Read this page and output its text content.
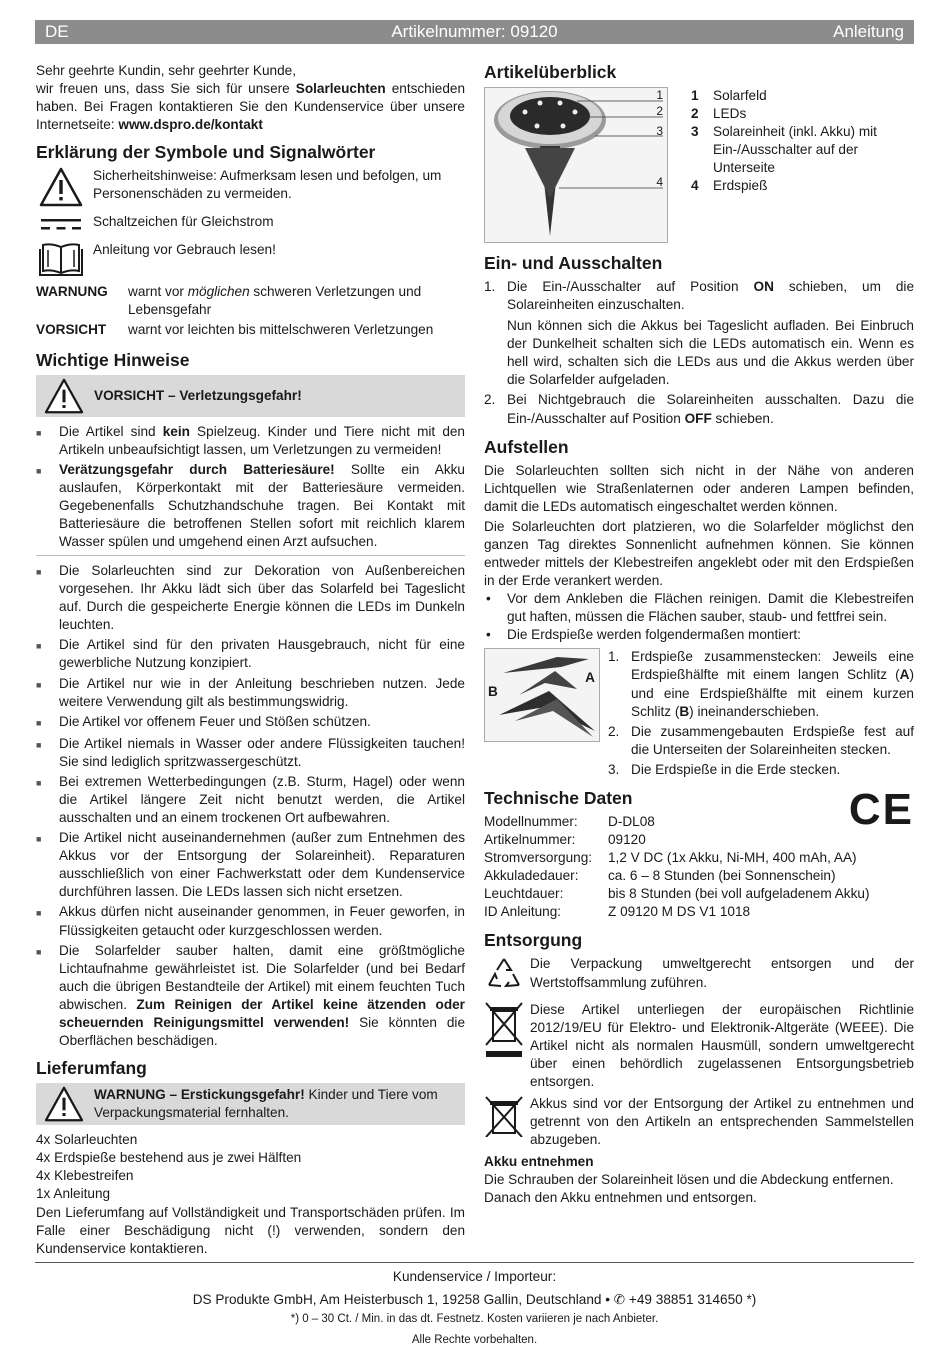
DE	Artikelnummer: 09120	Anleitung

Sehr geehrte Kundin, sehr geehrter Kunde,

wir freuen uns, dass Sie sich für unsere Solarleuchten entschieden haben. Bei Fragen kontaktieren Sie den Kundenservice über unsere Internetseite: www.dspro.de/kontakt

Erklärung der Symbole und Signalwörter
Sicherheitshinweise: Aufmerksam lesen und befolgen, um Personenschäden zu vermeiden.
Schaltzeichen für Gleichstrom
Anleitung vor Gebrauch lesen!
WARNUNG	warnt vor möglichen schweren Verletzungen und Lebensgefahr
VORSICHT	warnt vor leichten bis mittelschweren Verletzungen
Wichtige Hinweise
VORSICHT – Verletzungsgefahr!
■	Die Artikel sind kein Spielzeug. Kinder und Tiere nicht mit den Artikeln unbeaufsichtigt lassen, um Verletzungen zu vermeiden!
■	Verätzungsgefahr durch Batteriesäure! Sollte ein Akku auslaufen, Körperkontakt mit der Batteriesäure vermeiden. Gegebenenfalls Schutzhandschuhe tragen. Bei Kontakt mit Batteriesäure die betroffenen Stellen sofort mit reichlich klarem Wasser spülen und umgehend einen Arzt aufsuchen.
■	Die Solarleuchten sind zur Dekoration von Außenbereichen vorgesehen. Ihr Akku lädt sich über das Solarfeld bei Tageslicht auf. Durch die gespeicherte Energie können die LEDs im Dunkeln leuchten.
■	Die Artikel sind für den privaten Hausgebrauch, nicht für eine gewerbliche Nutzung konzipiert.
■	Die Artikel nur wie in der Anleitung beschrieben nutzen. Jede weitere Verwendung gilt als bestimmungswidrig.
■	Die Artikel vor offenem Feuer und Stößen schützen.
■	Die Artikel niemals in Wasser oder andere Flüssigkeiten tauchen! Sie sind lediglich spritzwassergeschützt.
■	Bei extremen Wetterbedingungen (z.B. Sturm, Hagel) oder wenn die Artikel längere Zeit nicht benutzt werden, die Artikel ausschalten und an einem trockenen Ort aufbewahren.
■	Die Artikel nicht auseinandernehmen (außer zum Entnehmen des Akkus vor der Entsorgung der Solareinheit). Reparaturen ausschließlich von einer Fachwerkstatt oder dem Kundenservice durchführen lassen. Die LEDs lassen sich nicht ersetzen.
■	Akkus dürfen nicht auseinander genommen, in Feuer geworfen, in Flüssigkeiten getaucht oder kurzgeschlossen werden.
■	Die Solarfelder sauber halten, damit eine größtmögliche Lichtaufnahme gewährleistet ist. Die Solarfelder (und bei Bedarf auch die übrigen Bestandteile der Artikel) mit einem feuchten Tuch abwischen. Zum Reinigen der Artikel keine ätzenden oder scheuernden Reinigungsmittel verwenden! Sie könnten die Oberflächen beschädigen.
Lieferumfang
WARNUNG – Erstickungsgefahr! Kinder und Tiere vom Verpackungsmaterial fernhalten.

4x Solarleuchten

4x Erdspieße bestehend aus je zwei Hälften

4x Klebestreifen

1x Anleitung

Den Lieferumfang auf Vollständigkeit und Transportschäden prüfen. Im Falle einer Beschädigung nicht (!) verwenden, sondern den Kundenservice kontaktieren.

Artikelüberblick
1
2
3
4
1	Solarfeld
2	LEDs
3	Solareinheit (inkl. Akku) mit Ein-/Ausschalter auf der Unterseite
4	Erdspieß
Ein- und Ausschalten
1. Die Ein-/Ausschalter auf Position ON schieben, um die Solareinheiten einzuschalten.

Nun können sich die Akkus bei Tageslicht aufladen. Bei Einbruch der Dunkelheit schalten sich die LEDs automatisch ein. Wenn es hell wird, schalten sich die LEDs aus und die Akkus werden über die Solarfelder aufgeladen.

2. Bei Nichtgebrauch die Solareinheiten ausschalten. Dazu die Ein-/Ausschalter auf Position OFF schieben.
Aufstellen

Die Solarleuchten sollten sich nicht in der Nähe von anderen Lichtquellen wie Straßenlaternen oder anderen Lampen befinden, damit die LEDs automatisch eingeschaltet werden können.

Die Solarleuchten dort platzieren, wo die Solarfelder möglichst den ganzen Tag direktes Sonnenlicht aufnehmen können. Sie können entweder mittels der Klebestreifen angeklebt oder mit den Erdspießen in der Erde verankert werden.

•	Vor dem Ankleben die Flächen reinigen. Damit die Klebestreifen gut haften, müssen die Flächen sauber, staub- und fettfrei sein.
•	Die Erdspieße werden folgendermaßen montiert:
A
B
1. Erdspieße zusammenstecken: Jeweils eine Erdspießhälfte mit einem langen Schlitz (A) und eine Erdspießhälfte mit einem kurzen Schlitz (B) ineinanderschieben.
2. Die zusammengebauten Erdspieße fest auf die Unterseiten der Solareinheiten stecken.
3. Die Erdspieße in die Erde stecken.
Technische Daten	CE
Modellnummer:	D-DL08
Artikelnummer:	09120
Stromversorgung:	1,2 V DC (1x Akku, Ni-MH, 400 mAh, AA)
Akkuladedauer:	ca. 6 – 8 Stunden (bei Sonnenschein)
Leuchtdauer:	bis 8 Stunden (bei voll aufgeladenem Akku)
ID Anleitung:	Z 09120 M DS V1 1018
Entsorgung
Die Verpackung umweltgerecht entsorgen und der Wertstoffsammlung zuführen.
Diese Artikel unterliegen der europäischen Richtlinie 2012/19/EU für Elektro- und Elektronik-Altgeräte (WEEE). Die Artikel nicht als normalen Hausmüll, sondern umweltgerecht über einen behördlich zugelassenen Entsorgungsbetrieb entsorgen.
Akkus sind vor der Entsorgung der Artikel zu entnehmen und getrennt von den Artikeln an entsprechenden Sammelstellen abzugeben.

Akku entnehmen

Die Schrauben der Solareinheit lösen und die Abdeckung entfernen. Danach den Akku entnehmen und entsorgen.

Kundenservice / Importeur:

DS Produkte GmbH, Am Heisterbusch 1, 19258 Gallin, Deutschland • ✆ +49 38851 314650 *)

*) 0 – 30 Ct. / Min. in das dt. Festnetz. Kosten variieren je nach Anbieter.

Alle Rechte vorbehalten.
